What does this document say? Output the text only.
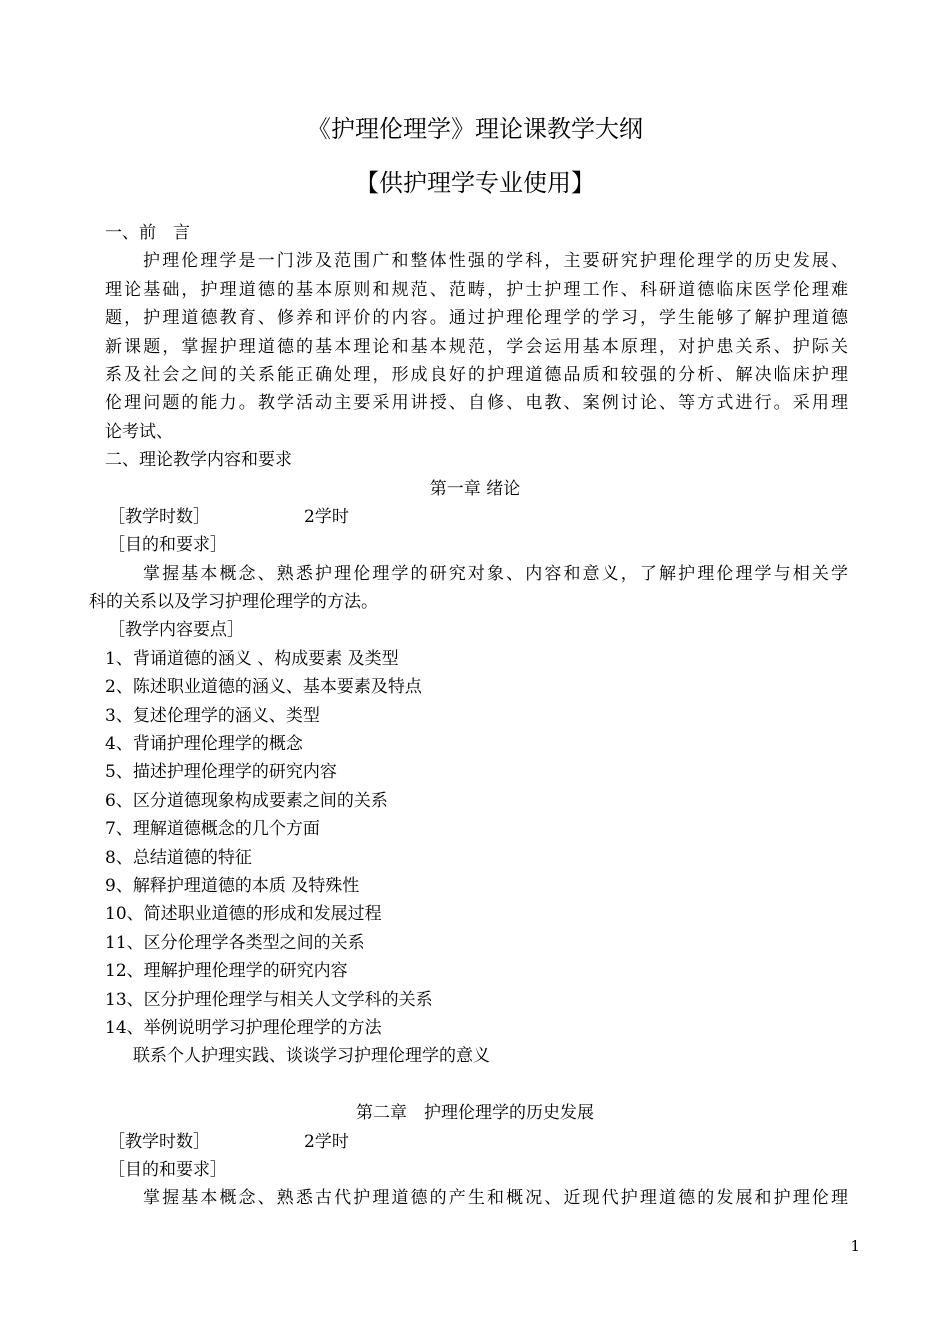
《护理伦理学》理论课教学大纲
【供护理学专业使用】
一、前　言
护理伦理学是一门涉及范围广和整体性强的学科，主要研究护理伦理学的历史发展、
理论基础，护理道德的基本原则和规范、范畴，护士护理工作、科研道德临床医学伦理难
题，护理道德教育、修养和评价的内容。通过护理伦理学的学习，学生能够了解护理道德
新课题，掌握护理道德的基本理论和基本规范，学会运用基本原理，对护患关系、护际关
系及社会之间的关系能正确处理，形成良好的护理道德品质和较强的分析、解决临床护理
伦理问题的能力。教学活动主要采用讲授、自修、电教、案例讨论、等方式进行。采用理
论考试、
二、理论教学内容和要求
第一章 绪论
［教学时数］	2学时
［目的和要求］
掌握基本概念、熟悉护理伦理学的研究对象、内容和意义，了解护理伦理学与相关学
科的关系以及学习护理伦理学的方法。
［教学内容要点］
1、背诵道德的涵义 、构成要素 及类型
2、陈述职业道德的涵义、基本要素及特点
3、复述伦理学的涵义、类型
4、背诵护理伦理学的概念
5、描述护理伦理学的研究内容
6、区分道德现象构成要素之间的关系
7、理解道德概念的几个方面
8、总结道德的特征
9、解释护理道德的本质 及特殊性
10、简述职业道德的形成和发展过程
11、区分伦理学各类型之间的关系
12、理解护理伦理学的研究内容
13、区分护理伦理学与相关人文学科的关系
14、举例说明学习护理伦理学的方法
联系个人护理实践、谈谈学习护理伦理学的意义
第二章　护理伦理学的历史发展
［教学时数］	2学时
［目的和要求］
掌握基本概念、熟悉古代护理道德的产生和概况、近现代护理道德的发展和护理伦理
1
